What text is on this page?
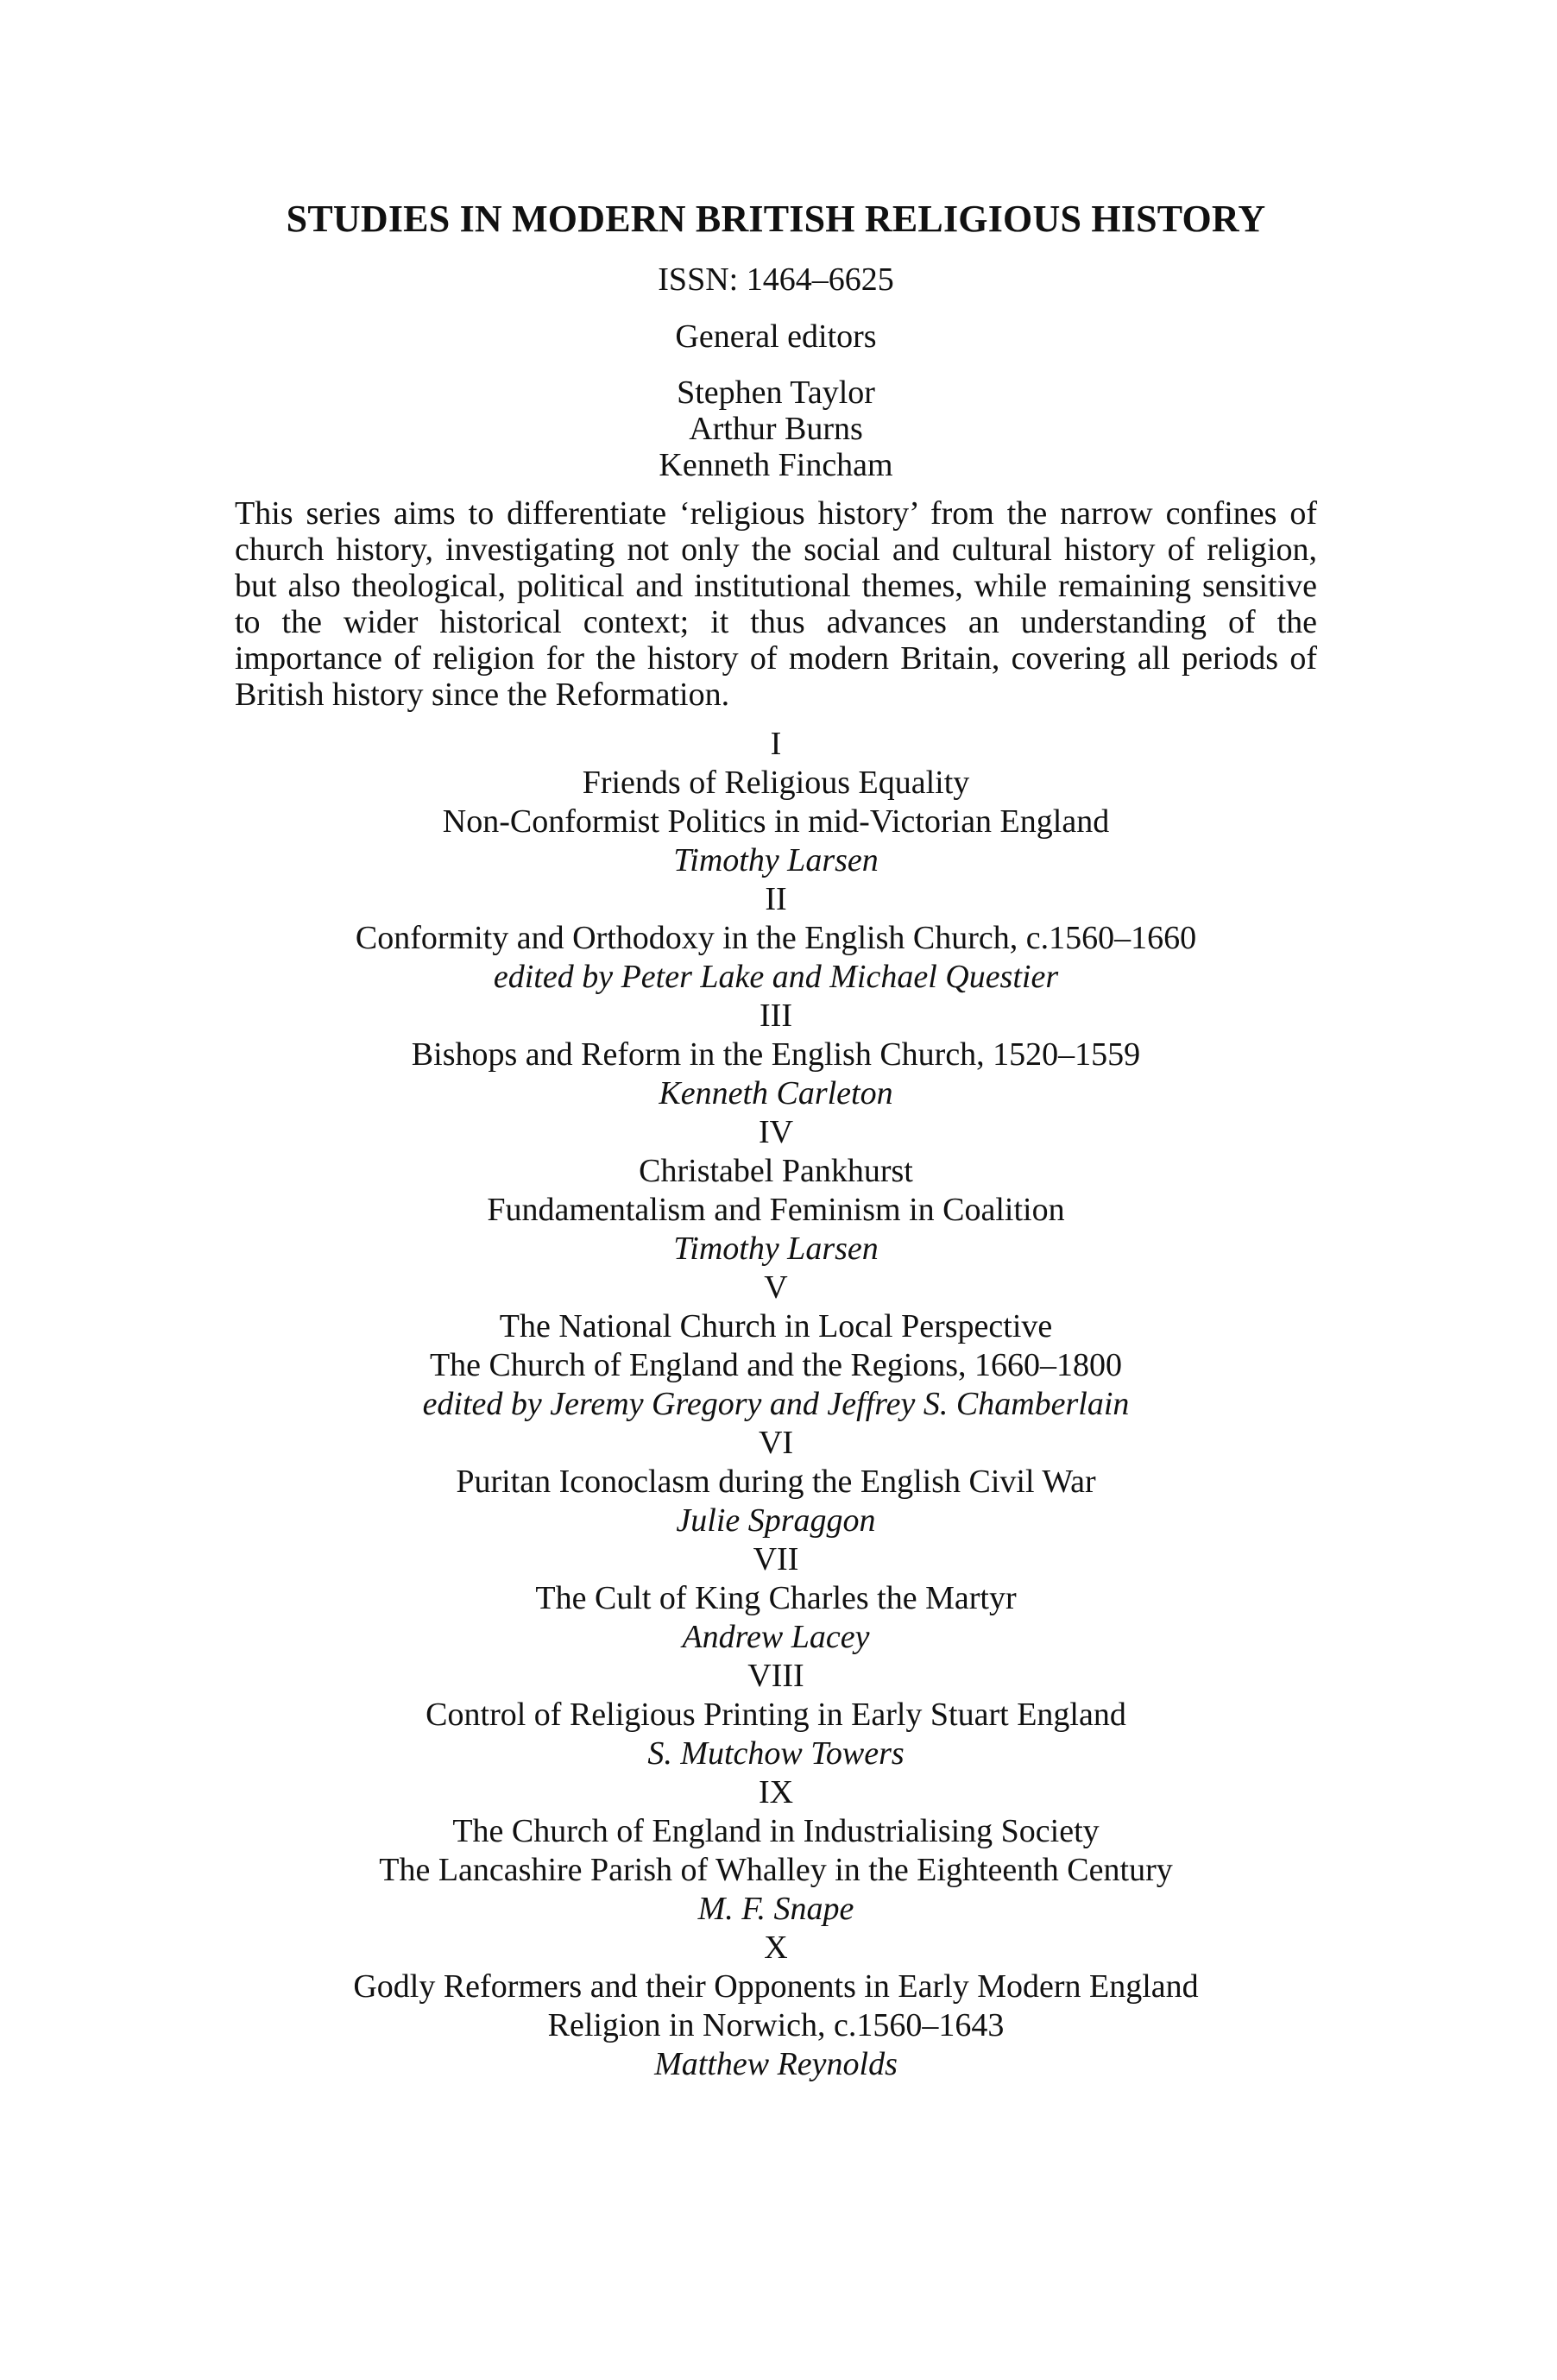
STUDIES IN MODERN BRITISH RELIGIOUS HISTORY
ISSN: 1464–6625
General editors
Stephen Taylor
Arthur Burns
Kenneth Fincham
This series aims to differentiate ‘religious history’ from the narrow confines of church history, investigating not only the social and cultural history of religion, but also theological, political and institutional themes, while remaining sensitive to the wider historical context; it thus advances an understanding of the importance of religion for the history of modern Britain, covering all periods of British history since the Reformation.
I
Friends of Religious Equality
Non-Conformist Politics in mid-Victorian England
Timothy Larsen
II
Conformity and Orthodoxy in the English Church, c.1560–1660
edited by Peter Lake and Michael Questier
III
Bishops and Reform in the English Church, 1520–1559
Kenneth Carleton
IV
Christabel Pankhurst
Fundamentalism and Feminism in Coalition
Timothy Larsen
V
The National Church in Local Perspective
The Church of England and the Regions, 1660–1800
edited by Jeremy Gregory and Jeffrey S. Chamberlain
VI
Puritan Iconoclasm during the English Civil War
Julie Spraggon
VII
The Cult of King Charles the Martyr
Andrew Lacey
VIII
Control of Religious Printing in Early Stuart England
S. Mutchow Towers
IX
The Church of England in Industrialising Society
The Lancashire Parish of Whalley in the Eighteenth Century
M. F. Snape
X
Godly Reformers and their Opponents in Early Modern England
Religion in Norwich, c.1560–1643
Matthew Reynolds
